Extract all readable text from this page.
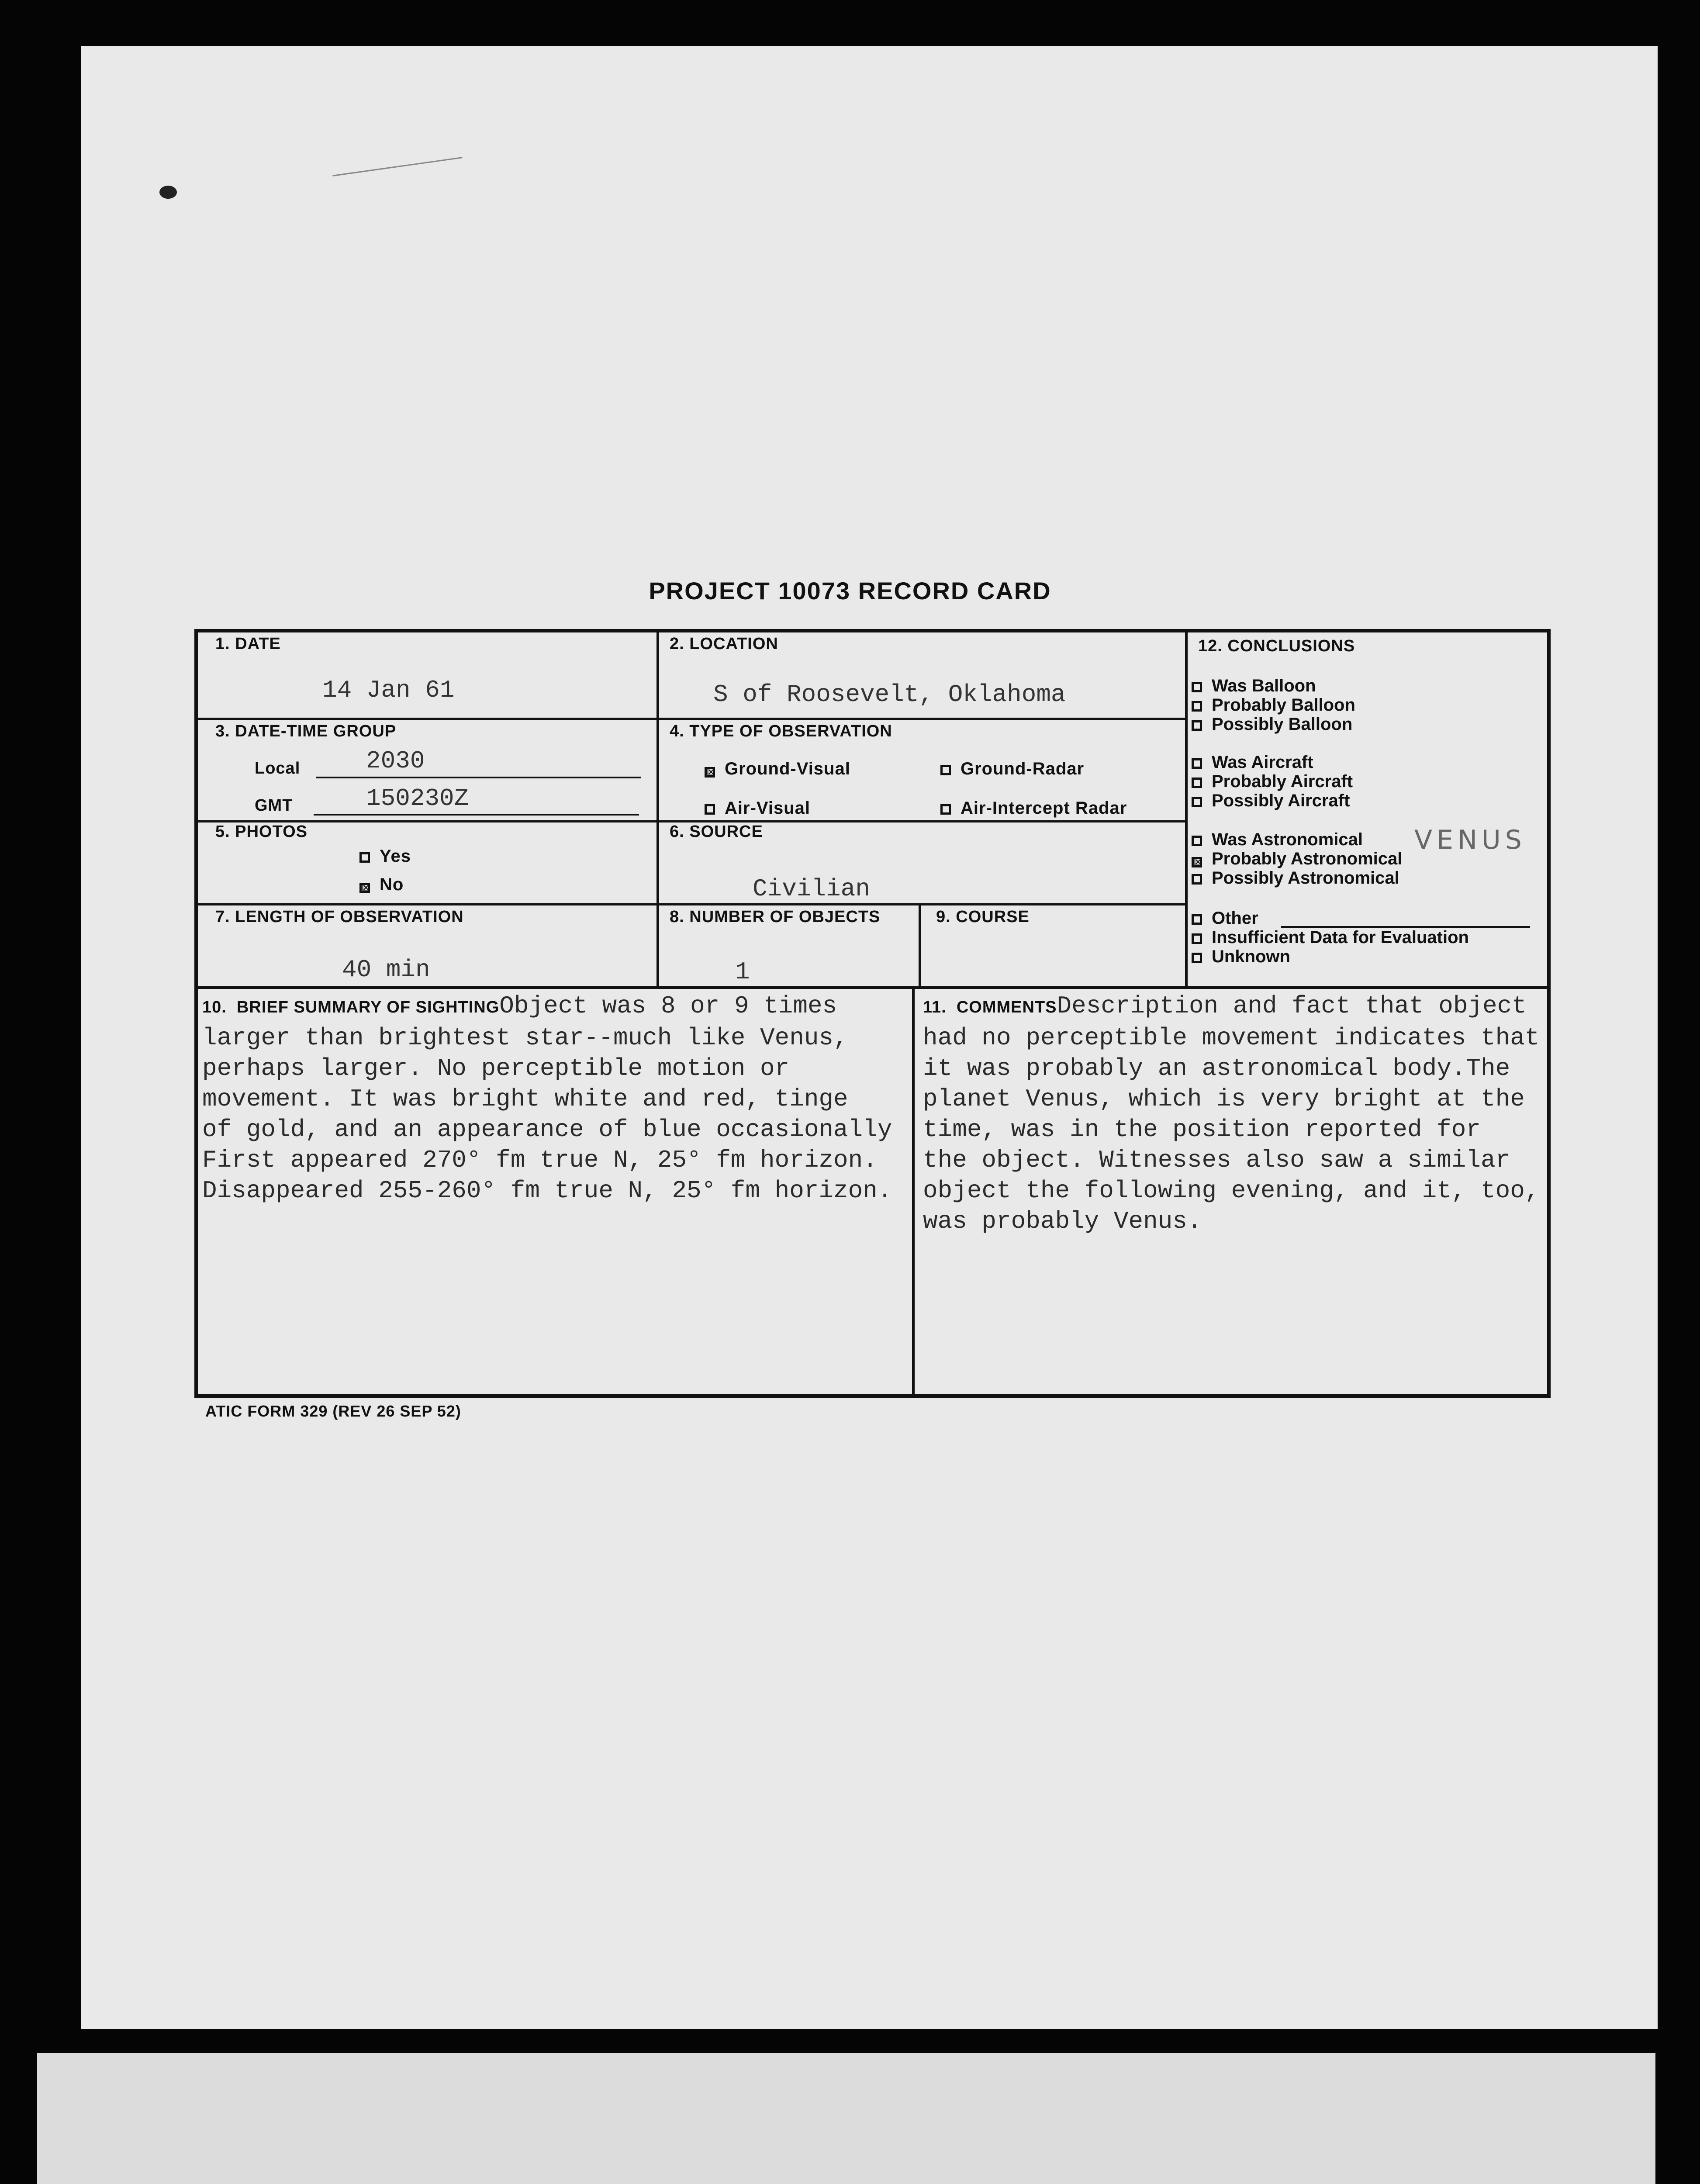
PROJECT 10073 RECORD CARD
1. DATE
14 Jan 61
2. LOCATION
S of Roosevelt, Oklahoma
3. DATE-TIME GROUP
Local	2030
GMT	150230Z
4. TYPE OF OBSERVATION
☒ Ground-Visual	Ground-Radar
Air-Visual	Air-Intercept Radar
5. PHOTOS
Yes
☒ No
6. SOURCE
Civilian
7. LENGTH OF OBSERVATION
40 min
8. NUMBER OF OBJECTS
1
9. COURSE
10.  BRIEF SUMMARY OF SIGHTINGObject was 8 or 9 times
larger than brightest star--much like Venus,
perhaps larger. No perceptible motion or
movement. It was bright white and red, tinge
of gold, and an appearance of blue occasionally
First appeared 270° fm true N, 25° fm horizon.
Disappeared 255-260° fm true N, 25° fm horizon.
11.  COMMENTSDescription and fact that object
had no perceptible movement indicates that
it was probably an astronomical body.The
planet Venus, which is very bright at the
time, was in the position reported for
the object. Witnesses also saw a similar
object the following evening, and it, too,
was probably Venus.
12. CONCLUSIONS
Was Balloon
Probably Balloon
Possibly Balloon
Was Aircraft
Probably Aircraft
Possibly Aircraft
Was Astronomical VENUS
☒ Probably Astronomical
Possibly Astronomical
Other
Insufficient Data for Evaluation
Unknown
ATIC FORM 329 (REV 26 SEP 52)
